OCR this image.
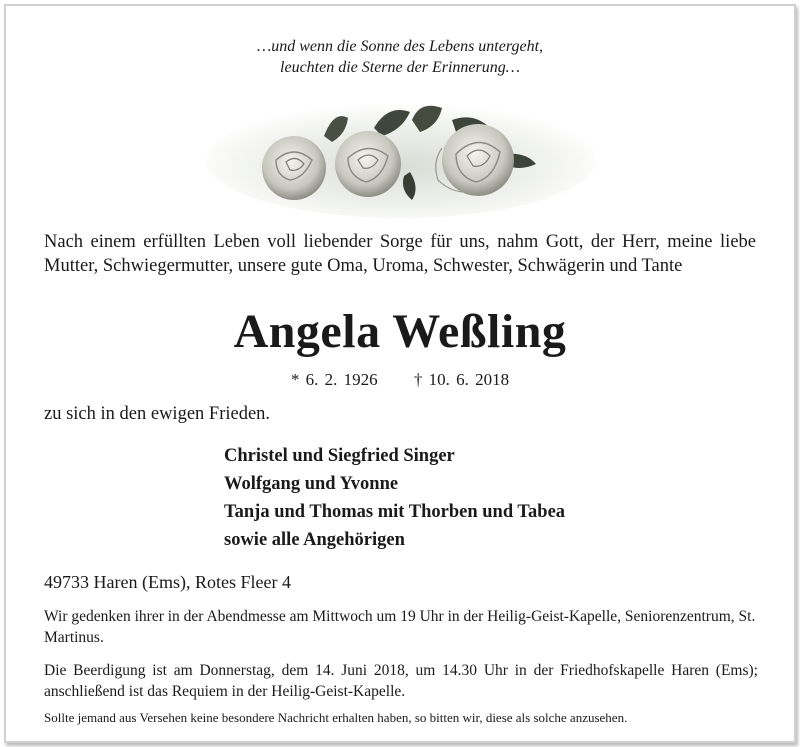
…und wenn die Sonne des Lebens untergeht,
leuchten die Sterne der Erinnerung…
Nach einem erfüllten Leben voll liebender Sorge für uns, nahm Gott, der Herr, meine liebe Mutter, Schwiegermutter, unsere gute Oma, Uroma, Schwester, Schwägerin und Tante
Angela Weßling
* 6. 2. 1926 † 10. 6. 2018
zu sich in den ewigen Frieden.
Christel und Siegfried Singer
Wolfgang und Yvonne
Tanja und Thomas mit Thorben und Tabea
sowie alle Angehörigen
49733 Haren (Ems), Rotes Fleer 4
Wir gedenken ihrer in der Abendmesse am Mittwoch um 19 Uhr in der Heilig-Geist-Kapelle, Seniorenzentrum, St. Martinus.
Die Beerdigung ist am Donnerstag, dem 14. Juni 2018, um 14.30 Uhr in der Friedhofskapelle Haren (Ems); anschließend ist das Requiem in der Heilig-Geist-Kapelle.
Sollte jemand aus Versehen keine besondere Nachricht erhalten haben, so bitten wir, diese als solche anzusehen.
